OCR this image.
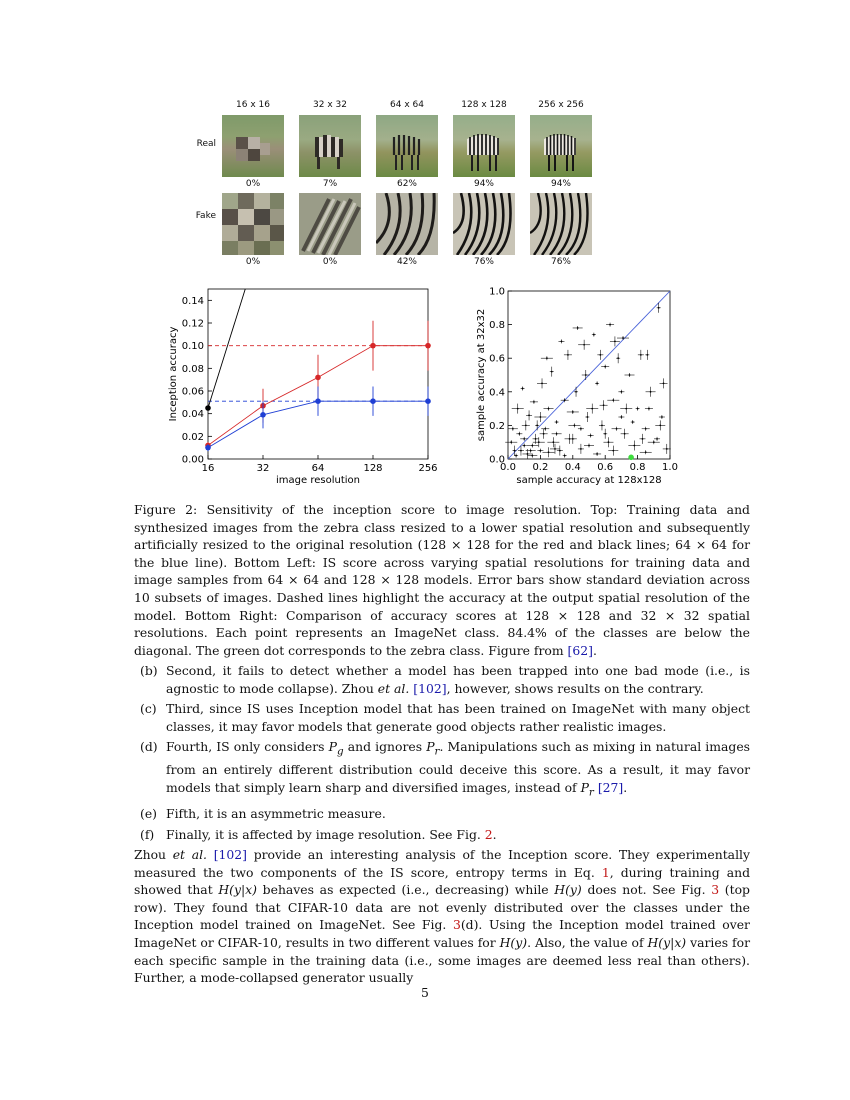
16 x 16	32 x 32	64 x 64	128 x 128	256 x 256
Real
Fake
0%	7%	62%	94%	94%
0%	0%	42%	76%	76%
0.00
0.02
0.04
0.06
0.08
0.10
0.12
0.14
16	32	64	128	256
image resolution
Inception accuracy
0.0 0.2 0.4 0.6 0.8 1.0
0.0
0.2
0.4
0.6
0.8
1.0
sample accuracy at 128x128
sample accuracy at 32x32
Figure 2: Sensitivity of the inception score to image resolution. Top: Training data and synthesized images from the zebra class resized to a lower spatial resolution and subsequently artificially resized to the original resolution (128 × 128 for the red and black lines; 64 × 64 for the blue line). Bottom Left: IS score across varying spatial resolutions for training data and image samples from 64 × 64 and 128 × 128 models. Error bars show standard deviation across 10 subsets of images. Dashed lines highlight the accuracy at the output spatial resolution of the model. Bottom Right: Comparison of accuracy scores at 128 × 128 and 32 × 32 spatial resolutions. Each point represents an ImageNet class. 84.4% of the classes are below the diagonal. The green dot corresponds to the zebra class. Figure from [62].
(b) Second, it fails to detect whether a model has been trapped into one bad mode (i.e., is agnostic to mode collapse). Zhou et al. [102], however, shows results on the contrary.
(c) Third, since IS uses Inception model that has been trained on ImageNet with many object classes, it may favor models that generate good objects rather realistic images.
(d) Fourth, IS only considers $P_g$ and ignores $P_r$. Manipulations such as mixing in natural images from an entirely different distribution could deceive this score. As a result, it may favor models that simply learn sharp and diversified images, instead of $P_r$ [27].
(e) Fifth, it is an asymmetric measure.
(f) Finally, it is affected by image resolution. See Fig. 2.
Zhou et al. [102] provide an interesting analysis of the Inception score. They experimentally measured the two components of the IS score, entropy terms in Eq. 1, during training and showed that H(y|x) behaves as expected (i.e., decreasing) while H(y) does not. See Fig. 3 (top row). They found that CIFAR-10 data are not evenly distributed over the classes under the Inception model trained on ImageNet. See Fig. 3(d). Using the Inception model trained over ImageNet or CIFAR-10, results in two different values for H(y). Also, the value of H(y|x) varies for each specific sample in the training data (i.e., some images are deemed less real than others). Further, a mode-collapsed generator usually
5
